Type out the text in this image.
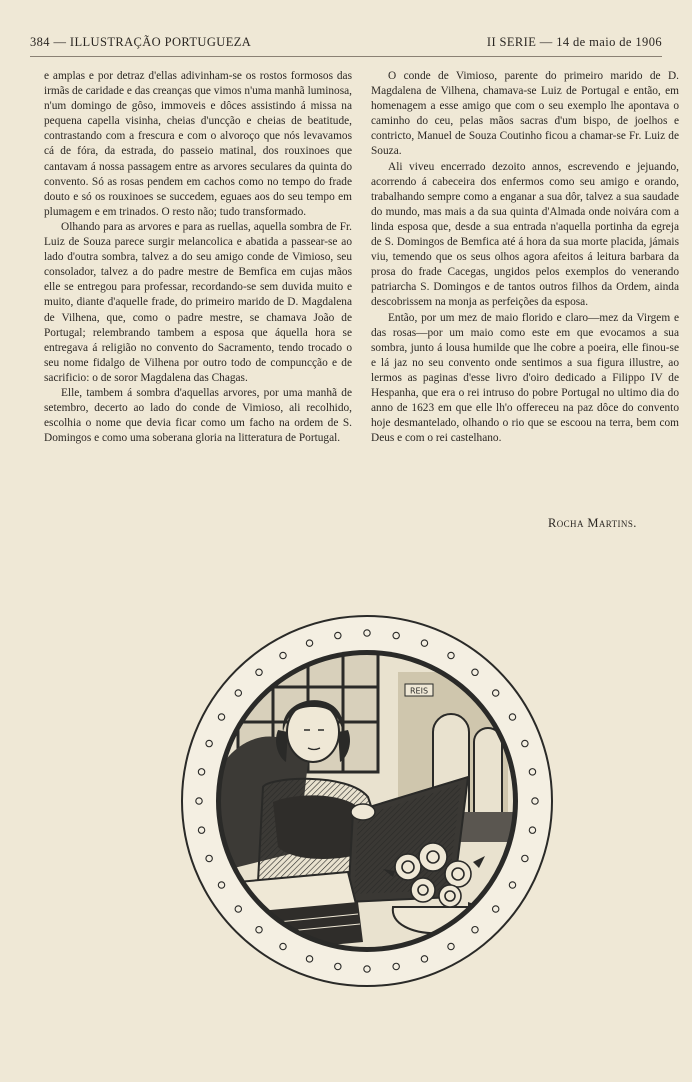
384 — ILLUSTRAÇÃO PORTUGUEZA	II SERIE — 14 de maio de 1906

e amplas e por detraz d'ellas adivinham-se os rostos formosos das irmãs de caridade e das creanças que vimos n'uma manhã luminosa, n'um domingo de gôso, immoveis e dôces assistindo á missa na pequena capella visinha, cheias d'uncção e cheias de beatitude, contrastando com a frescura e com o alvoroço que nós levavamos cá de fóra, da estrada, do passeio matinal, dos rouxinoes que cantavam á nossa passagem entre as arvores seculares da quinta do convento. Só as rosas pendem em cachos como no tempo do frade douto e só os rouxinoes se succedem, eguaes aos do seu tempo em plumagem e em trinados. O resto não; tudo transformado.

Olhando para as arvores e para as ruellas, aquella sombra de Fr. Luiz de Souza parece surgir melancolica e abatida a passear-se ao lado d'outra sombra, talvez a do seu amigo conde de Vimioso, seu consolador, talvez a do padre mestre de Bemfica em cujas mãos elle se entregou para professar, recordando-se sem duvida muito e muito, diante d'aquelle frade, do primeiro marido de D. Magdalena de Vilhena, que, como o padre mestre, se chamava João de Portugal; relembrando tambem a esposa que áquella hora se entregava á religião no convento do Sacramento, tendo trocado o seu nome fidalgo de Vilhena por outro todo de compuncção e de sacrificio: o de soror Magdalena das Chagas.

Elle, tambem á sombra d'aquellas arvores, por uma manhã de setembro, decerto ao lado do conde de Vimioso, ali recolhido, escolhia o nome que devia ficar como um facho na ordem de S. Domingos e como uma soberana gloria na litteratura de Portugal.

O conde de Vimioso, parente do primeiro marido de D. Magdalena de Vilhena, chamava-se Luiz de Portugal e então, em homenagem a esse amigo que com o seu exemplo lhe apontava o caminho do ceu, pelas mãos sacras d'um bispo, de joelhos e contricto, Manuel de Souza Coutinho ficou a chamar-se Fr. Luiz de Souza.

Ali viveu encerrado dezoito annos, escrevendo e jejuando, acorrendo á cabeceira dos enfermos como seu amigo e orando, trabalhando sempre como a enganar a sua dôr, talvez a sua saudade do mundo, mas mais a da sua quinta d'Almada onde noivára com a linda esposa que, desde a sua entrada n'aquella portinha da egreja de S. Domingos de Bemfica até á hora da sua morte placida, jámais viu, temendo que os seus olhos agora afeitos á leitura barbara da prosa do frade Cacegas, ungidos pelos exemplos do venerando patriarcha S. Domingos e de tantos outros filhos da Ordem, ainda descobrissem na monja as perfeições da esposa.

Então, por um mez de maio florido e claro—mez da Virgem e das rosas—por um maio como este em que evocamos a sua sombra, junto á lousa humilde que lhe cobre a poeira, elle finou-se e lá jaz no seu convento onde sentimos a sua figura illustre, ao lermos as paginas d'esse livro d'oiro dedicado a Filippo IV de Hespanha, que era o rei intruso do pobre Portugal no ultimo dia do anno de 1623 em que elle lh'o offereceu na paz dôce do convento hoje desmantelado, olhando o rio que se escoou na terra, bem com Deus e com o rei castelhano.

Rocha Martins.
REIS
